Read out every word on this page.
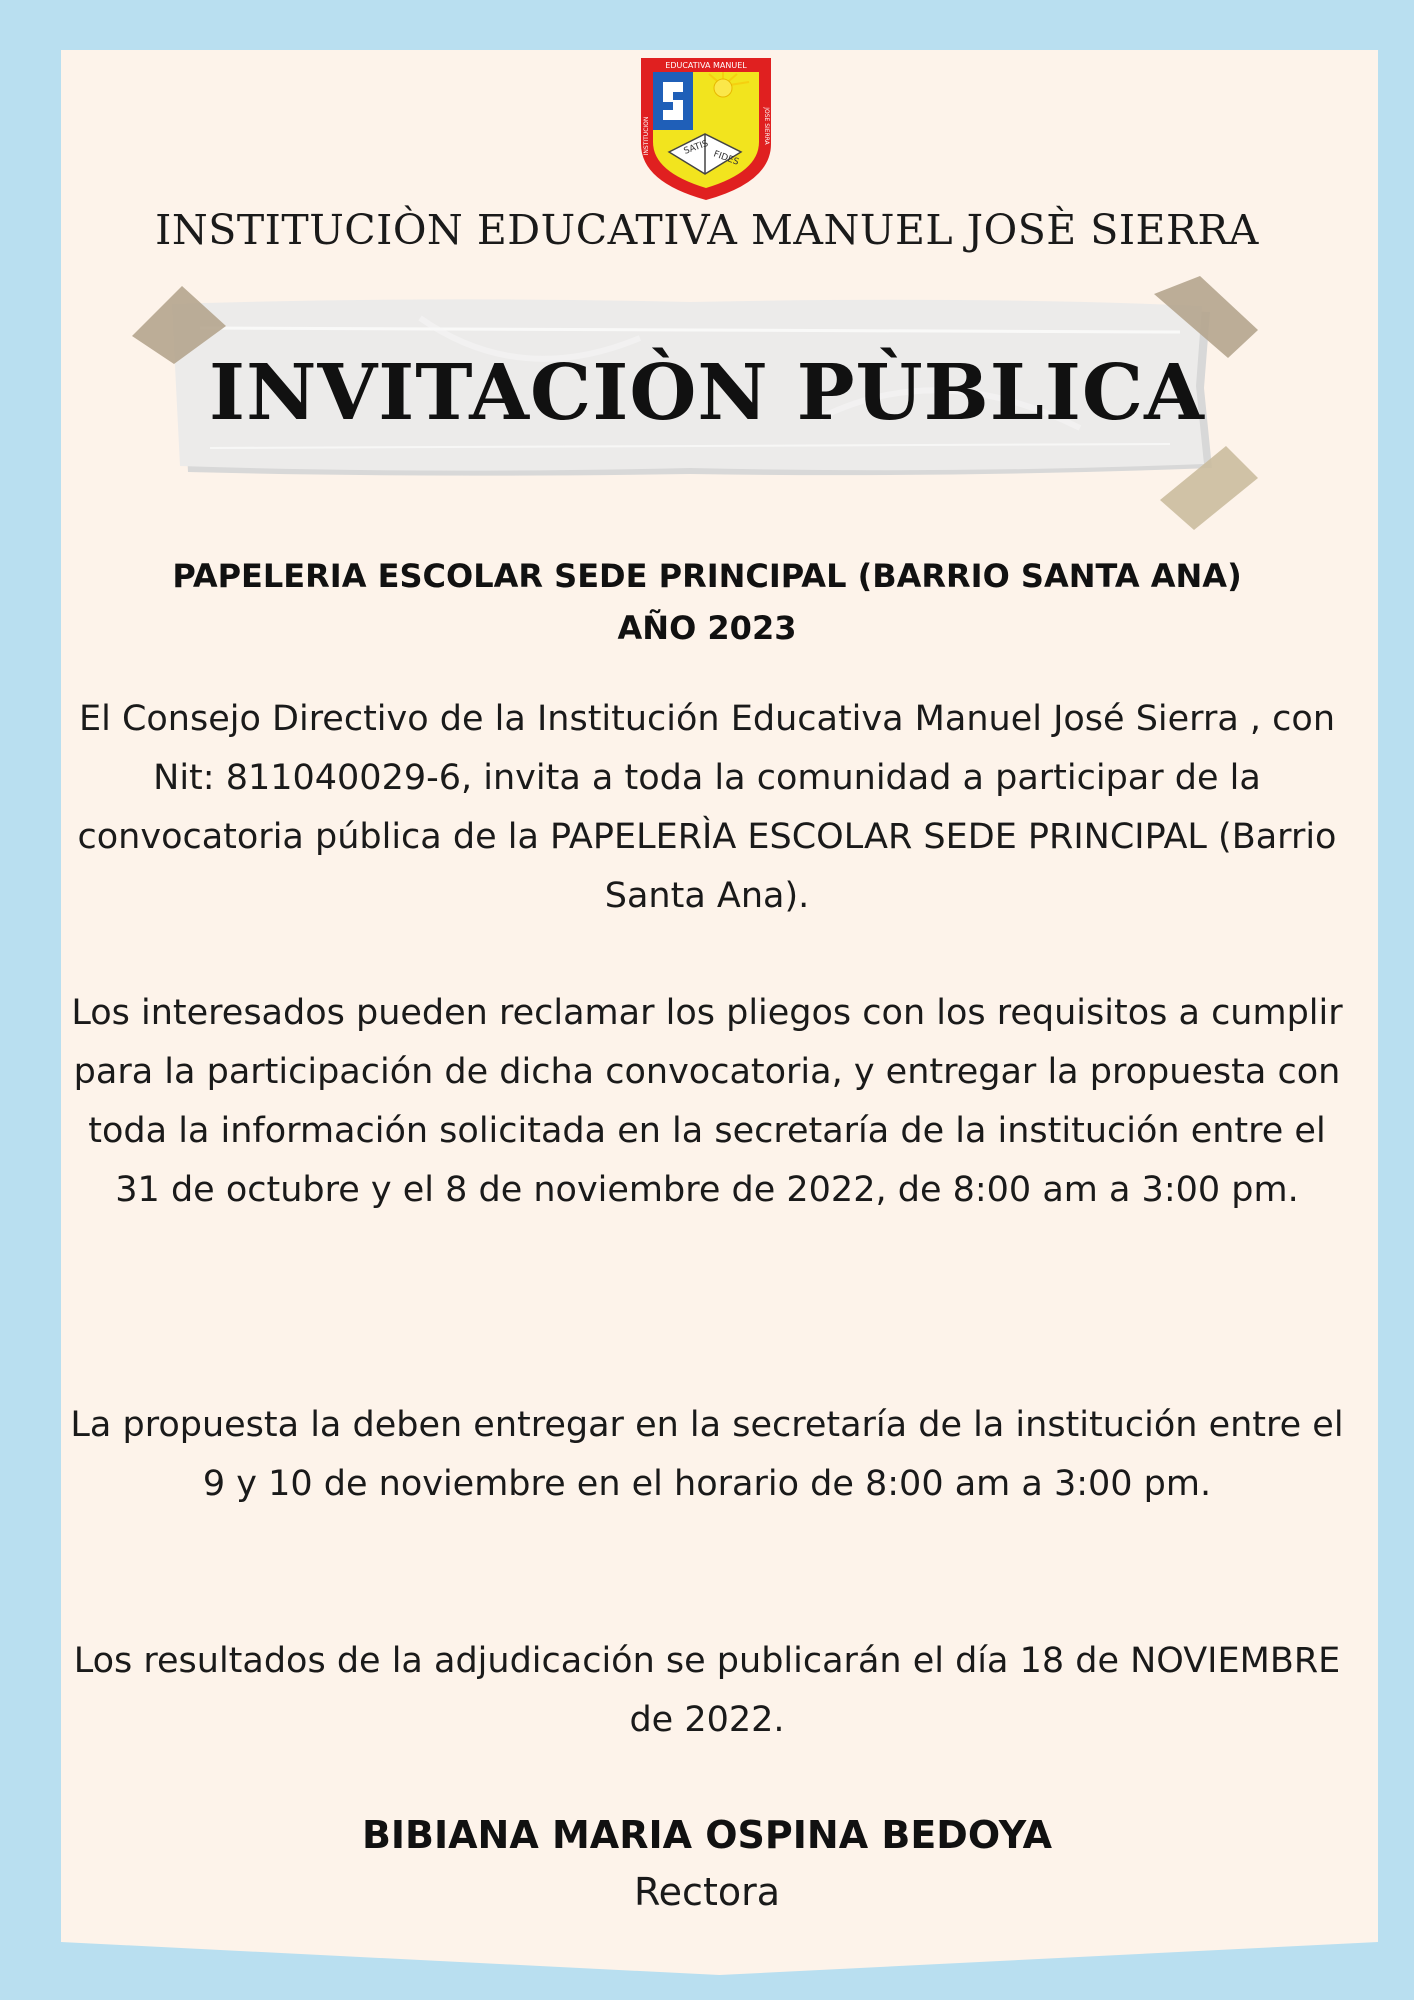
SATIS
FIDES
EDUCATIVA MANUEL
INSTITUCION	JOSE SIERRA
INSTITUCIÒN EDUCATIVA MANUEL JOSÈ SIERRA
INVITACIÒN PÙBLICA
PAPELERIA ESCOLAR SEDE PRINCIPAL (BARRIO SANTA ANA)
AÑO 2023
El Consejo Directivo de la Institución Educativa Manuel José Sierra , con Nit: 811040029-6, invita a toda la comunidad a participar de la convocatoria pública de la PAPELERÌA ESCOLAR SEDE PRINCIPAL (Barrio Santa Ana).
Los interesados pueden reclamar los pliegos con los requisitos a cumplir para la participación de dicha convocatoria, y entregar la propuesta con toda la información solicitada en la secretaría de la institución entre el 31 de octubre y el 8 de noviembre de 2022, de 8:00 am a 3:00 pm.
La propuesta la deben entregar en la secretaría de la institución entre el 9 y 10 de noviembre en el horario de 8:00 am a 3:00 pm.
Los resultados de la adjudicación se publicarán el día 18 de NOVIEMBRE de 2022.
BIBIANA MARIA OSPINA BEDOYA
Rectora
